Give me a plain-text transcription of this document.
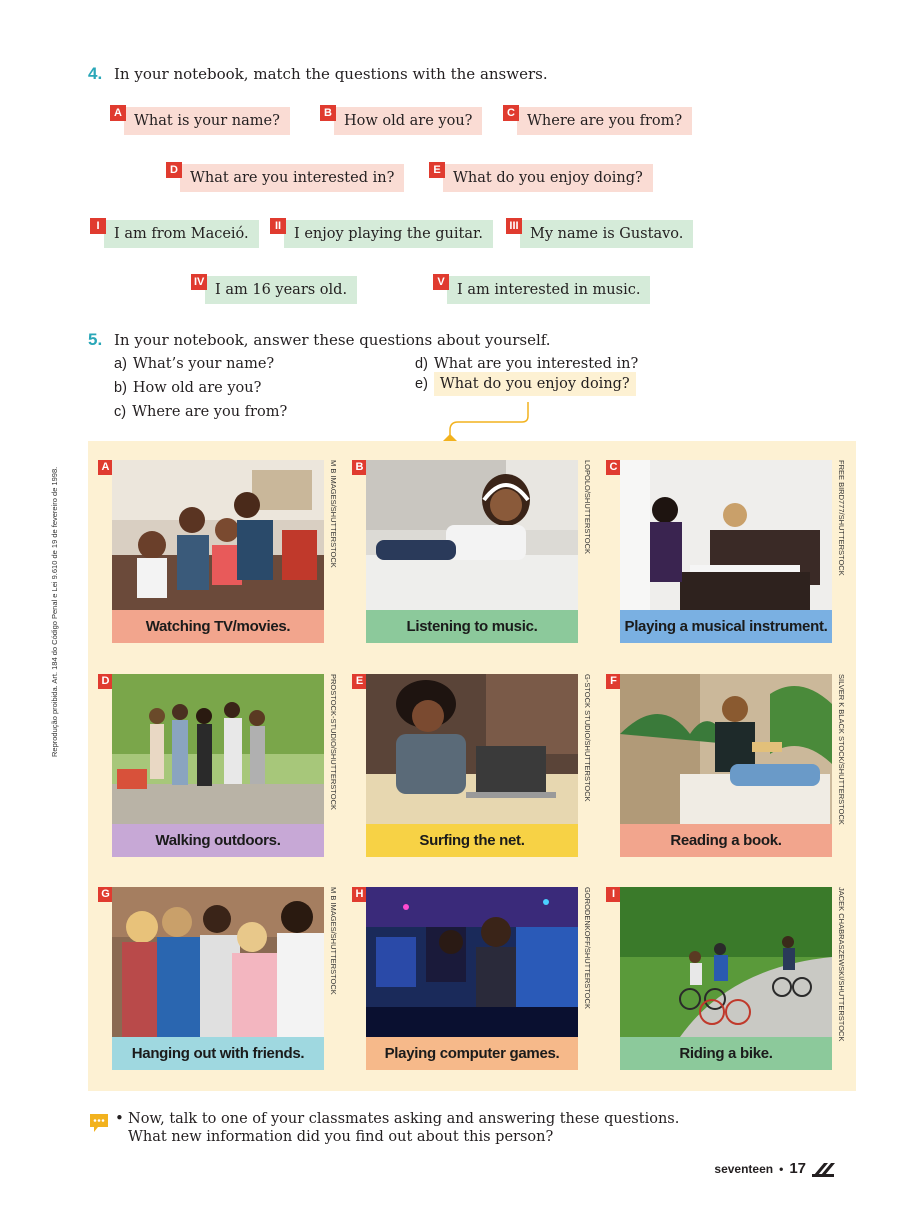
4. In your notebook, match the questions with the answers.
A What is your name?	B How old are you?	C Where are you from?
D What are you interested in?	E What do you enjoy doing?
I I am from Maceió.	II I enjoy playing the guitar.	III My name is Gustavo.
IV I am 16 years old.	V I am interested in music.
5. In your notebook, answer these questions about yourself.
a) What’s your name?
b) How old are you?
c) Where are you from?
d) What are you interested in?
e) What do you enjoy doing?
A
Watching TV/movies.
M B IMAGES/SHUTTERSTOCK	B
Listening to music.
LOPOLO/SHUTTERSTOCK	C
Playing a musical instrument.
FREE BIRD777/SHUTTERSTOCK
D
Walking outdoors.
PROSTOCK-STUDIO/SHUTTERSTOCK	E
Surfing the net.
G-STOCK STUDIO/SHUTTERSTOCK	F
Reading a book.
SILVER K BLACK STOCK/SHUTTERSTOCK
G
Hanging out with friends.
M B IMAGES/SHUTTERSTOCK	H
Playing computer games.
GORODENKOFF/SHUTTERSTOCK	I
Riding a bike.
JACEK CHABRASZEWSKI/SHUTTERSTOCK
Reprodução proibida. Art. 184 do Código Penal e Lei 9.610 de 19 de fevereiro de 1998.
• Now, talk to one of your classmates asking and answering these questions. What new information did you find out about this person?
seventeen • 17
